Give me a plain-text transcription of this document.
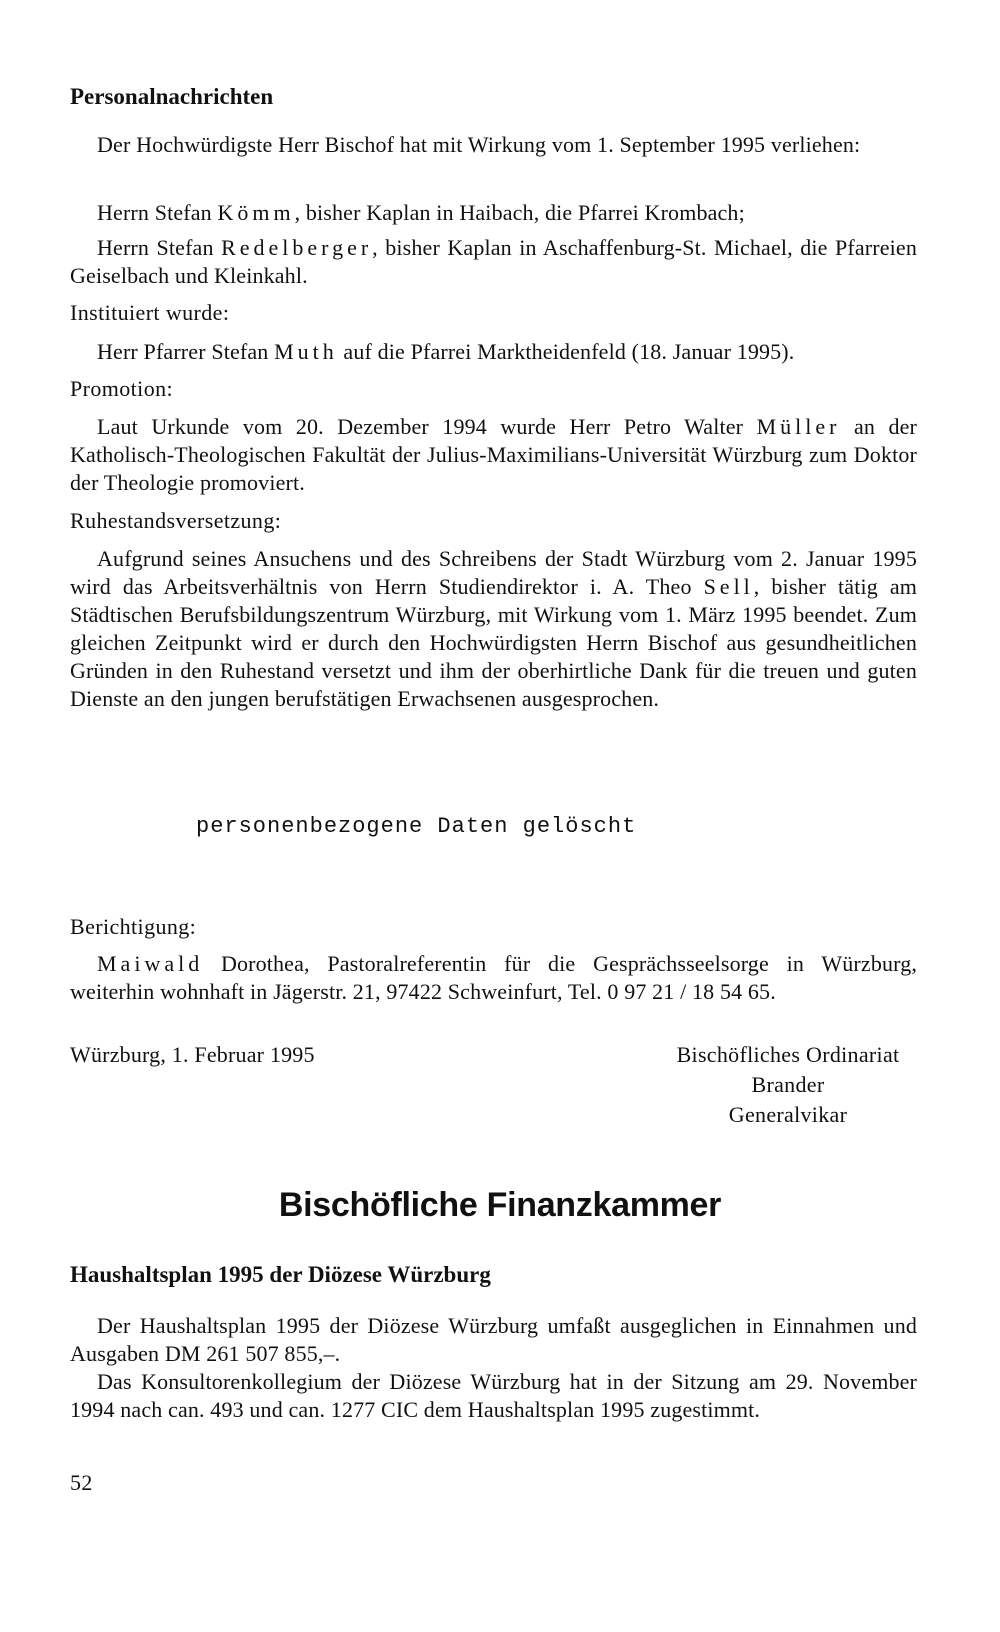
Personalnachrichten

Der Hochwürdigste Herr Bischof hat mit Wirkung vom 1. September 1995 verliehen:

Herrn Stefan Kömm, bisher Kaplan in Haibach, die Pfarrei Krombach;

Herrn Stefan Redelberger, bisher Kaplan in Aschaffenburg-St. Michael, die Pfarreien Geiselbach und Kleinkahl.

Instituiert wurde:

Herr Pfarrer Stefan Muth auf die Pfarrei Marktheidenfeld (18. Januar 1995).

Promotion:

Laut Urkunde vom 20. Dezember 1994 wurde Herr Petro Walter Müller an der Katholisch-Theologischen Fakultät der Julius-Maximilians-Universität Würzburg zum Doktor der Theologie promoviert.

Ruhestandsversetzung:

Aufgrund seines Ansuchens und des Schreibens der Stadt Würzburg vom 2. Januar 1995 wird das Arbeitsverhältnis von Herrn Studiendirektor i. A. Theo Sell, bisher tätig am Städtischen Berufsbildungszentrum Würzburg, mit Wirkung vom 1. März 1995 beendet. Zum gleichen Zeitpunkt wird er durch den Hochwürdigsten Herrn Bischof aus gesundheitlichen Gründen in den Ruhestand versetzt und ihm der oberhirtliche Dank für die treuen und guten Dienste an den jungen berufstätigen Erwachsenen ausgesprochen.

personenbezogene Daten gelöscht

Berichtigung:

Maiwald Dorothea, Pastoralreferentin für die Gesprächsseelsorge in Würzburg, weiterhin wohnhaft in Jägerstr. 21, 97422 Schweinfurt, Tel. 0 97 21 / 18 54 65.

Würzburg, 1. Februar 1995	Bischöfliches Ordinariat
Brander
Generalvikar
Bischöfliche Finanzkammer
Haushaltsplan 1995 der Diözese Würzburg

Der Haushaltsplan 1995 der Diözese Würzburg umfaßt ausgeglichen in Einnahmen und Ausgaben DM 261 507 855,–.

Das Konsultorenkollegium der Diözese Würzburg hat in der Sitzung am 29. November 1994 nach can. 493 und can. 1277 CIC dem Haushaltsplan 1995 zugestimmt.

52
